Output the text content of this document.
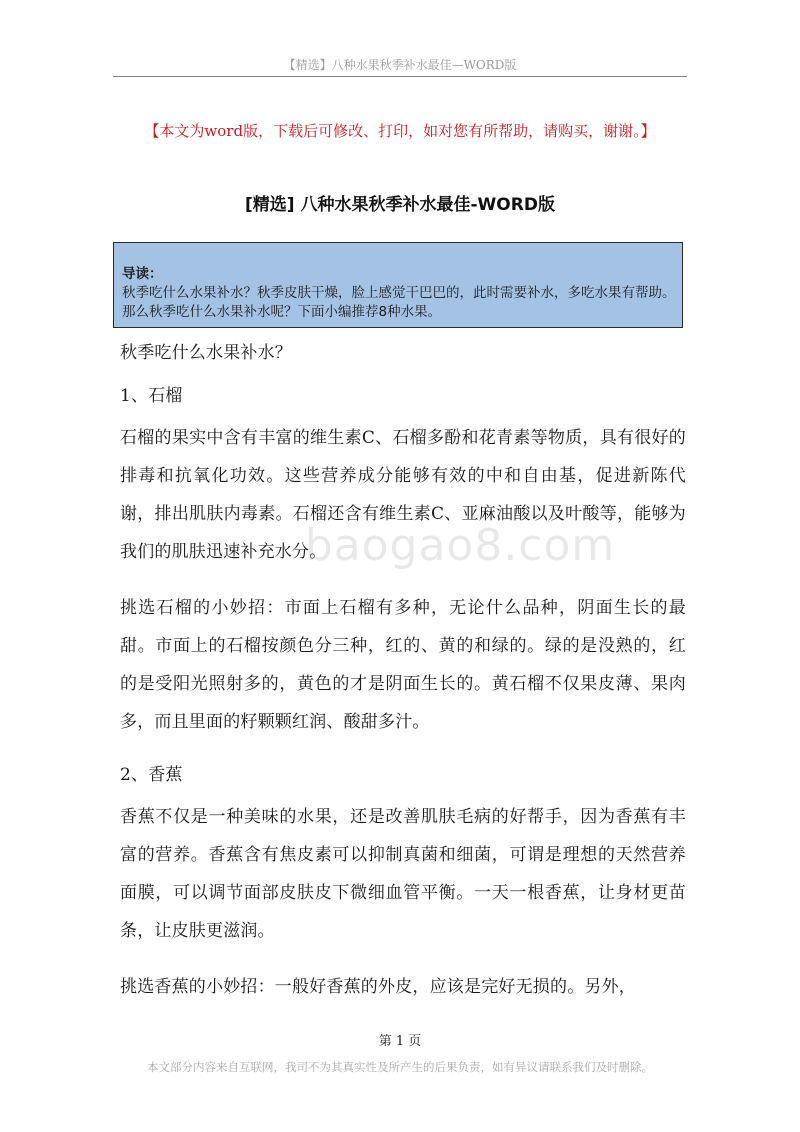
【精选】八种水果秋季补水最佳—WORD版
【本文为word版，下载后可修改、打印，如对您有所帮助，请购买，谢谢。】
[精选] 八种水果秋季补水最佳-WORD版
导读：
秋季吃什么水果补水？秋季皮肤干燥，脸上感觉干巴巴的，此时需要补水，多吃水果有帮助。那么秋季吃什么水果补水呢？下面小编推荐8种水果。
baogao8.com
秋季吃什么水果补水？
1、石榴
石榴的果实中含有丰富的维生素C、石榴多酚和花青素等物质，具有很好的排毒和抗氧化功效。这些营养成分能够有效的中和自由基，促进新陈代谢，排出肌肤内毒素。石榴还含有维生素C、亚麻油酸以及叶酸等，能够为我们的肌肤迅速补充水分。
挑选石榴的小妙招：市面上石榴有多种，无论什么品种，阴面生长的最甜。市面上的石榴按颜色分三种，红的、黄的和绿的。绿的是没熟的，红的是受阳光照射多的，黄色的才是阴面生长的。黄石榴不仅果皮薄、果肉多，而且里面的籽颗颗红润、酸甜多汁。
2、香蕉
香蕉不仅是一种美味的水果，还是改善肌肤毛病的好帮手，因为香蕉有丰富的营养。香蕉含有焦皮素可以抑制真菌和细菌，可谓是理想的天然营养面膜，可以调节面部皮肤皮下微细血管平衡。一天一根香蕉，让身材更苗条，让皮肤更滋润。
挑选香蕉的小妙招：一般好香蕉的外皮，应该是完好无损的。另外，
第 1 页
本文部分内容来自互联网，我司不为其真实性及所产生的后果负责，如有异议请联系我们及时删除。
